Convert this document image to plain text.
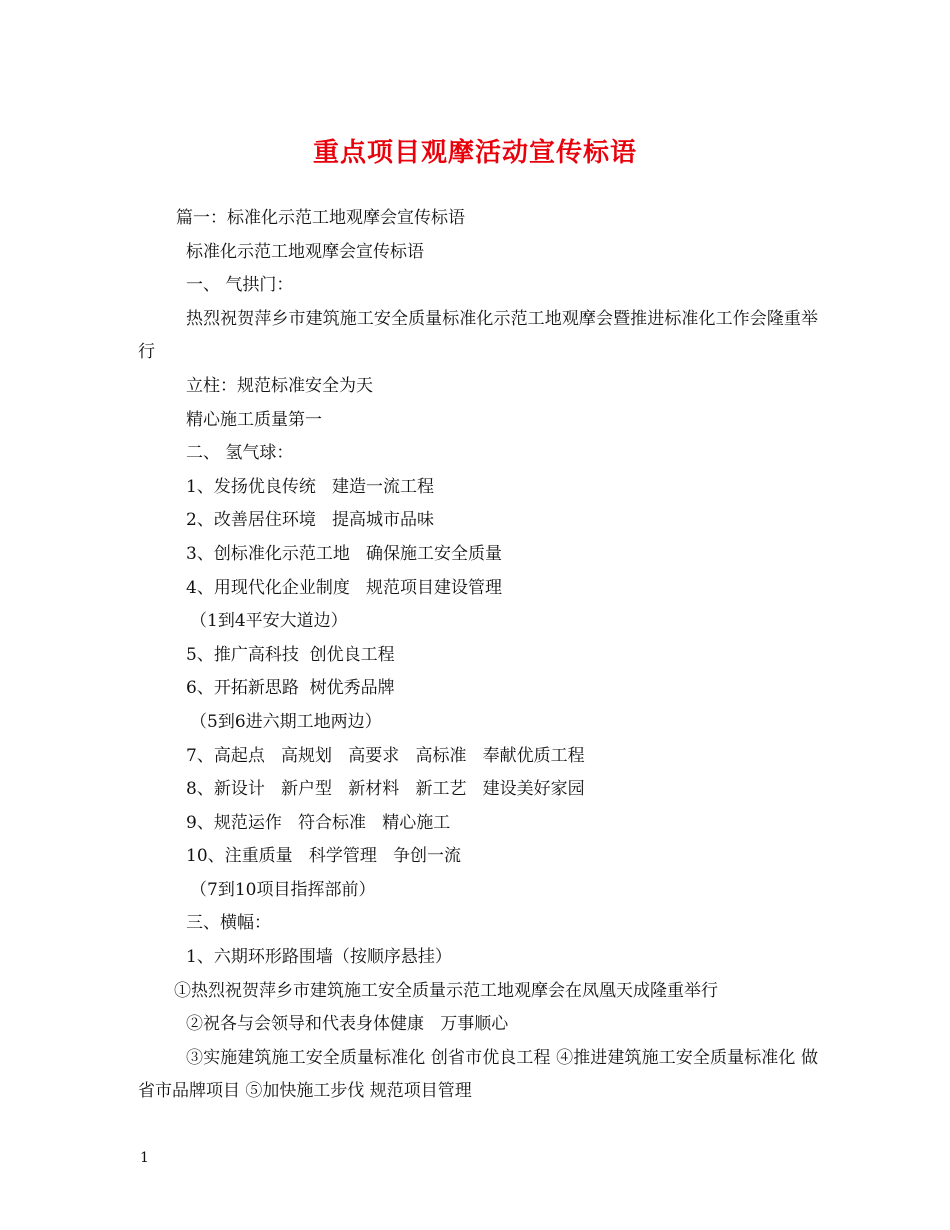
重点项目观摩活动宣传标语

篇一：标准化示范工地观摩会宣传标语

标准化示范工地观摩会宣传标语

一、 气拱门：

热烈祝贺萍乡市建筑施工安全质量标准化示范工地观摩会暨推进标准化工作会隆重举行

立柱：规范标准安全为天

精心施工质量第一

二、 氢气球：

1、发扬优良传统   建造一流工程

2、改善居住环境   提高城市品味

3、创标准化示范工地   确保施工安全质量

4、用现代化企业制度   规范项目建设管理

（1到4平安大道边）

5、推广高科技  创优良工程

6、开拓新思路  树优秀品牌

（5到6进六期工地两边）

7、高起点   高规划   高要求   高标准   奉献优质工程

8、新设计   新户型   新材料   新工艺   建设美好家园

9、规范运作   符合标准   精心施工

10、注重质量   科学管理   争创一流

（7到10项目指挥部前）

三、横幅：

1、六期环形路围墙（按顺序悬挂）

①热烈祝贺萍乡市建筑施工安全质量示范工地观摩会在凤凰天成隆重举行

②祝各与会领导和代表身体健康   万事顺心

③实施建筑施工安全质量标准化 创省市优良工程 ④推进建筑施工安全质量标准化 做省市品牌项目 ⑤加快施工步伐 规范项目管理

1
